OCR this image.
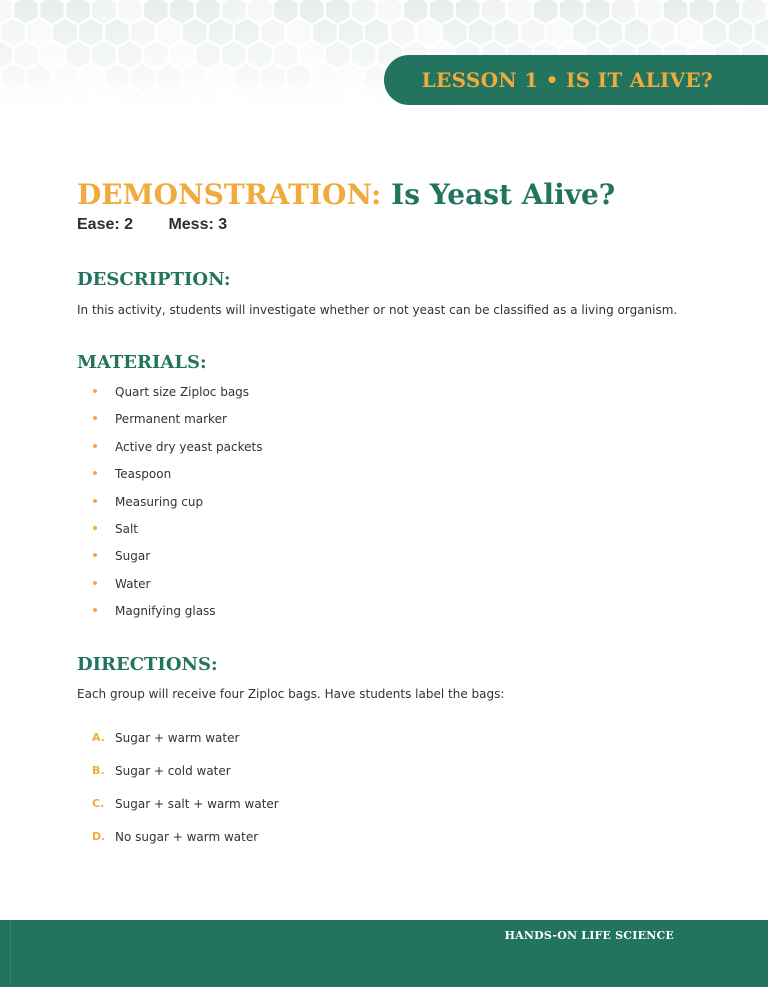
LESSON 1 • IS IT ALIVE?
DEMONSTRATION: Is Yeast Alive?
Ease: 2 Mess: 3
DESCRIPTION:

In this activity, students will investigate whether or not yeast can be classified as a living organism.

MATERIALS:
Quart size Ziploc bags
Permanent marker
Active dry yeast packets
Teaspoon
Measuring cup
Salt
Sugar
Water
Magnifying glass
DIRECTIONS:

Each group will receive four Ziploc bags. Have students label the bags:

A. Sugar + warm water
B. Sugar + cold water
C. Sugar + salt + warm water
D. No sugar + warm water
HANDS-ON LIFE SCIENCE
